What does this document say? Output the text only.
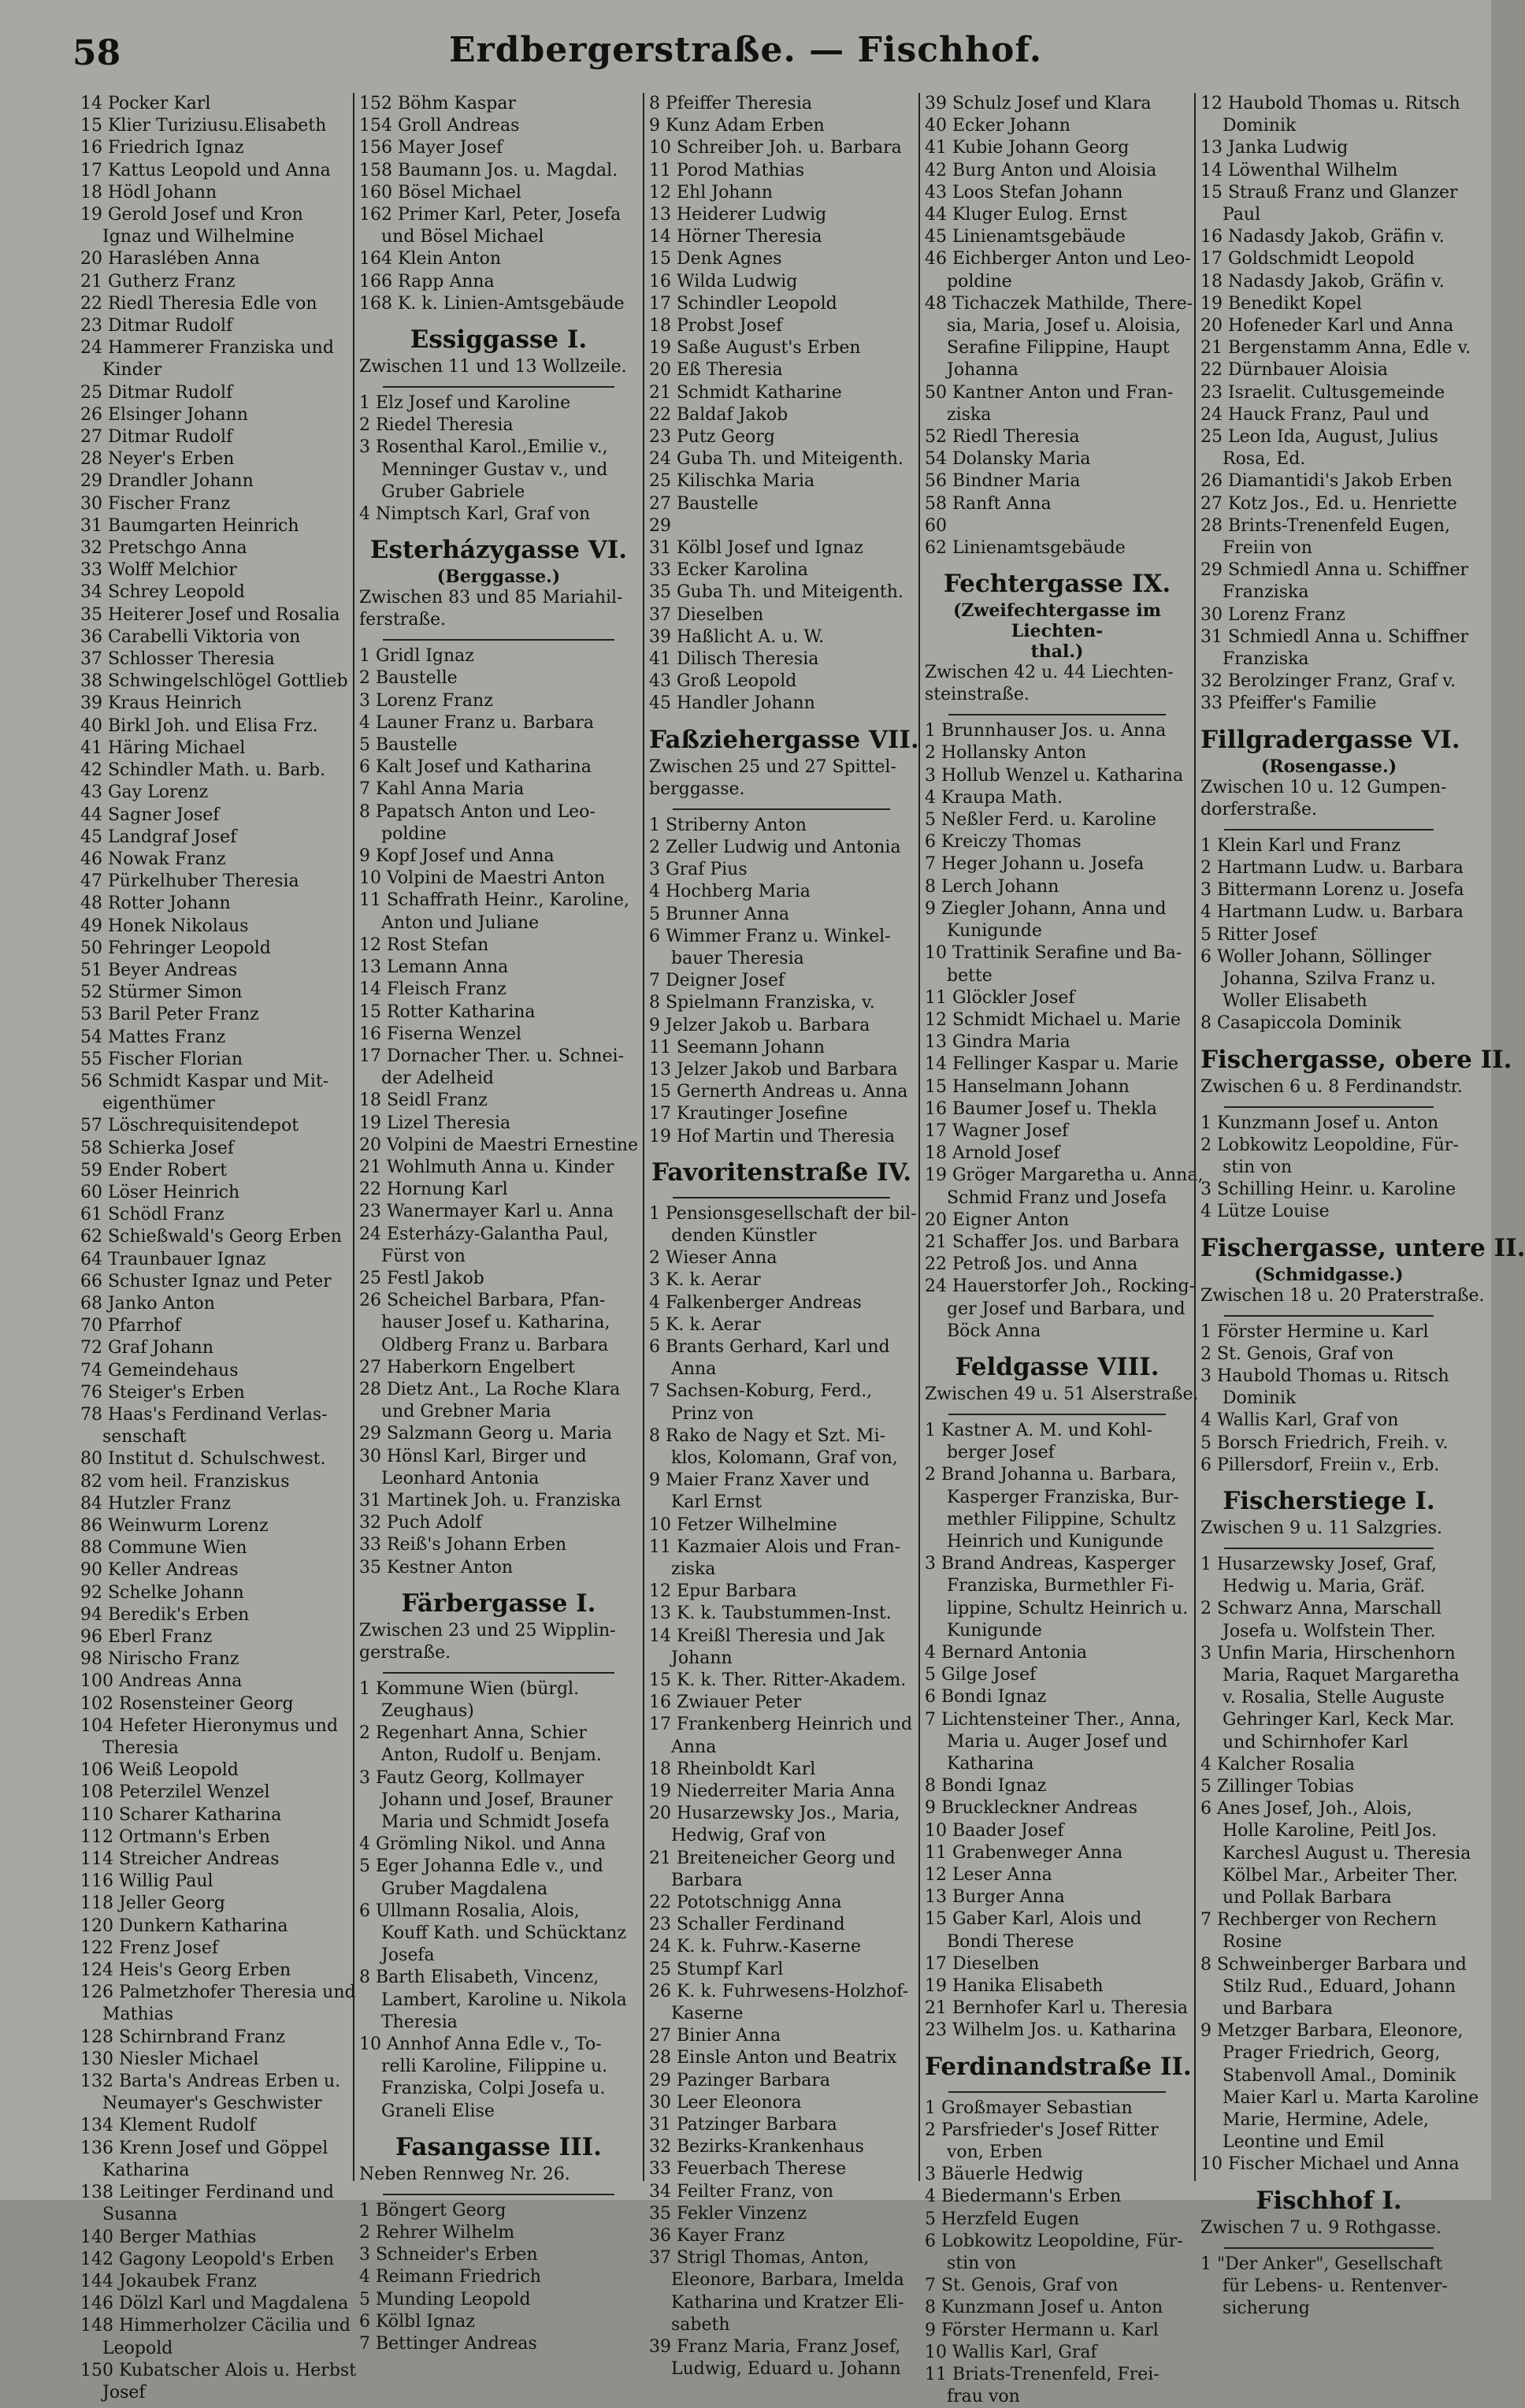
58	Erdbergerstraße. — Fischhof.
14 Pocker Karl
15 Klier Turiziusu.Elisabeth
16 Friedrich Ignaz
17 Kattus Leopold und Anna
18 Hödl Johann
19 Gerold Josef und Kron
Ignaz und Wilhelmine
20 Haraslében Anna
21 Gutherz Franz
22 Riedl Theresia Edle von
23 Ditmar Rudolf
24 Hammerer Franziska und
Kinder
25 Ditmar Rudolf
26 Elsinger Johann
27 Ditmar Rudolf
28 Neyer's Erben
29 Drandler Johann
30 Fischer Franz
31 Baumgarten Heinrich
32 Pretschgo Anna
33 Wolff Melchior
34 Schrey Leopold
35 Heiterer Josef und Rosalia
36 Carabelli Viktoria von
37 Schlosser Theresia
38 Schwingelschlögel Gottlieb
39 Kraus Heinrich
40 Birkl Joh. und Elisa Frz.
41 Häring Michael
42 Schindler Math. u. Barb.
43 Gay Lorenz
44 Sagner Josef
45 Landgraf Josef
46 Nowak Franz
47 Pürkelhuber Theresia
48 Rotter Johann
49 Honek Nikolaus
50 Fehringer Leopold
51 Beyer Andreas
52 Stürmer Simon
53 Baril Peter Franz
54 Mattes Franz
55 Fischer Florian
56 Schmidt Kaspar und Mit-
eigenthümer
57 Löschrequisitendepot
58 Schierka Josef
59 Ender Robert
60 Löser Heinrich
61 Schödl Franz
62 Schießwald's Georg Erben
64 Traunbauer Ignaz
66 Schuster Ignaz und Peter
68 Janko Anton
70 Pfarrhof
72 Graf Johann
74 Gemeindehaus
76 Steiger's Erben
78 Haas's Ferdinand Verlas-
senschaft
80 Institut d. Schulschwest.
82 vom heil. Franziskus
84 Hutzler Franz
86 Weinwurm Lorenz
88 Commune Wien
90 Keller Andreas
92 Schelke Johann
94 Beredik's Erben
96 Eberl Franz
98 Nirischo Franz
100 Andreas Anna
102 Rosensteiner Georg
104 Hefeter Hieronymus und
Theresia
106 Weiß Leopold
108 Peterzilel Wenzel
110 Scharer Katharina
112 Ortmann's Erben
114 Streicher Andreas
116 Willig Paul
118 Jeller Georg
120 Dunkern Katharina
122 Frenz Josef
124 Heis's Georg Erben
126 Palmetzhofer Theresia und
Mathias
128 Schirnbrand Franz
130 Niesler Michael
132 Barta's Andreas Erben u.
Neumayer's Geschwister
134 Klement Rudolf
136 Krenn Josef und Göppel
Katharina
138 Leitinger Ferdinand und
Susanna
140 Berger Mathias
142 Gagony Leopold's Erben
144 Jokaubek Franz
146 Dölzl Karl und Magdalena
148 Himmerholzer Cäcilia und
Leopold
150 Kubatscher Alois u. Herbst
Josef
152 Böhm Kaspar
154 Groll Andreas
156 Mayer Josef
158 Baumann Jos. u. Magdal.
160 Bösel Michael
162 Primer Karl, Peter, Josefa
und Bösel Michael
164 Klein Anton
166 Rapp Anna
168 K. k. Linien-Amtsgebäude
Essiggasse I.
Zwischen 11 und 13 Wollzeile.
1 Elz Josef und Karoline
2 Riedel Theresia
3 Rosenthal Karol.,Emilie v.,
Menninger Gustav v., und
Gruber Gabriele
4 Nimptsch Karl, Graf von
Esterházygasse VI.
(Berggasse.)
Zwischen 83 und 85 Mariahil-
ferstraße.
1 Gridl Ignaz
2 Baustelle
3 Lorenz Franz
4 Launer Franz u. Barbara
5 Baustelle
6 Kalt Josef und Katharina
7 Kahl Anna Maria
8 Papatsch Anton und Leo-
poldine
9 Kopf Josef und Anna
10 Volpini de Maestri Anton
11 Schaffrath Heinr., Karoline,
Anton und Juliane
12 Rost Stefan
13 Lemann Anna
14 Fleisch Franz
15 Rotter Katharina
16 Fiserna Wenzel
17 Dornacher Ther. u. Schnei-
der Adelheid
18 Seidl Franz
19 Lizel Theresia
20 Volpini de Maestri Ernestine
21 Wohlmuth Anna u. Kinder
22 Hornung Karl
23 Wanermayer Karl u. Anna
24 Esterházy-Galantha Paul,
Fürst von
25 Festl Jakob
26 Scheichel Barbara, Pfan-
hauser Josef u. Katharina,
Oldberg Franz u. Barbara
27 Haberkorn Engelbert
28 Dietz Ant., La Roche Klara
und Grebner Maria
29 Salzmann Georg u. Maria
30 Hönsl Karl, Birger und
Leonhard Antonia
31 Martinek Joh. u. Franziska
32 Puch Adolf
33 Reiß's Johann Erben
35 Kestner Anton
Färbergasse I.
Zwischen 23 und 25 Wipplin-
gerstraße.
1 Kommune Wien (bürgl.
Zeughaus)
2 Regenhart Anna, Schier
Anton, Rudolf u. Benjam.
3 Fautz Georg, Kollmayer
Johann und Josef, Brauner
Maria und Schmidt Josefa
4 Grömling Nikol. und Anna
5 Eger Johanna Edle v., und
Gruber Magdalena
6 Ullmann Rosalia, Alois,
Kouff Kath. und Schücktanz
Josefa
8 Barth Elisabeth, Vincenz,
Lambert, Karoline u. Nikola
Theresia
10 Annhof Anna Edle v., To-
relli Karoline, Filippine u.
Franziska, Colpi Josefa u.
Graneli Elise
Fasangasse III.
Neben Rennweg Nr. 26.
1 Böngert Georg
2 Rehrer Wilhelm
3 Schneider's Erben
4 Reimann Friedrich
5 Munding Leopold
6 Kölbl Ignaz
7 Bettinger Andreas
8 Pfeiffer Theresia
9 Kunz Adam Erben
10 Schreiber Joh. u. Barbara
11 Porod Mathias
12 Ehl Johann
13 Heiderer Ludwig
14 Hörner Theresia
15 Denk Agnes
16 Wilda Ludwig
17 Schindler Leopold
18 Probst Josef
19 Saße August's Erben
20 Eß Theresia
21 Schmidt Katharine
22 Baldaf Jakob
23 Putz Georg
24 Guba Th. und Miteigenth.
25 Kilischka Maria
27 Baustelle
29
31 Kölbl Josef und Ignaz
33 Ecker Karolina
35 Guba Th. und Miteigenth.
37 Dieselben
39 Haßlicht A. u. W.
41 Dilisch Theresia
43 Groß Leopold
45 Handler Johann
Faßziehergasse VII.
Zwischen 25 und 27 Spittel-
berggasse.
1 Striberny Anton
2 Zeller Ludwig und Antonia
3 Graf Pius
4 Hochberg Maria
5 Brunner Anna
6 Wimmer Franz u. Winkel-
bauer Theresia
7 Deigner Josef
8 Spielmann Franziska, v.
9 Jelzer Jakob u. Barbara
11 Seemann Johann
13 Jelzer Jakob und Barbara
15 Gernerth Andreas u. Anna
17 Krautinger Josefine
19 Hof Martin und Theresia
Favoritenstraße IV.
1 Pensionsgesellschaft der bil-
denden Künstler
2 Wieser Anna
3 K. k. Aerar
4 Falkenberger Andreas
5 K. k. Aerar
6 Brants Gerhard, Karl und
Anna
7 Sachsen-Koburg, Ferd.,
Prinz von
8 Rako de Nagy et Szt. Mi-
klos, Kolomann, Graf von,
9 Maier Franz Xaver und
Karl Ernst
10 Fetzer Wilhelmine
11 Kazmaier Alois und Fran-
ziska
12 Epur Barbara
13 K. k. Taubstummen-Inst.
14 Kreißl Theresia und Jak
Johann
15 K. k. Ther. Ritter-Akadem.
16 Zwiauer Peter
17 Frankenberg Heinrich und
Anna
18 Rheinboldt Karl
19 Niederreiter Maria Anna
20 Husarzewsky Jos., Maria,
Hedwig, Graf von
21 Breiteneicher Georg und
Barbara
22 Pototschnigg Anna
23 Schaller Ferdinand
24 K. k. Fuhrw.-Kaserne
25 Stumpf Karl
26 K. k. Fuhrwesens-Holzhof-
Kaserne
27 Binier Anna
28 Einsle Anton und Beatrix
29 Pazinger Barbara
30 Leer Eleonora
31 Patzinger Barbara
32 Bezirks-Krankenhaus
33 Feuerbach Therese
34 Feilter Franz, von
35 Fekler Vinzenz
36 Kayer Franz
37 Strigl Thomas, Anton,
Eleonore, Barbara, Imelda
Katharina und Kratzer Eli-
sabeth
39 Franz Maria, Franz Josef,
Ludwig, Eduard u. Johann
39 Schulz Josef und Klara
40 Ecker Johann
41 Kubie Johann Georg
42 Burg Anton und Aloisia
43 Loos Stefan Johann
44 Kluger Eulog. Ernst
45 Linienamtsgebäude
46 Eichberger Anton und Leo-
poldine
48 Tichaczek Mathilde, There-
sia, Maria, Josef u. Aloisia,
Serafine Filippine, Haupt
Johanna
50 Kantner Anton und Fran-
ziska
52 Riedl Theresia
54 Dolansky Maria
56 Bindner Maria
58 Ranft Anna
60
62 Linienamtsgebäude
Fechtergasse IX.
(Zweifechtergasse im Liechten-
thal.)
Zwischen 42 u. 44 Liechten-
steinstraße.
1 Brunnhauser Jos. u. Anna
2 Hollansky Anton
3 Hollub Wenzel u. Katharina
4 Kraupa Math.
5 Neßler Ferd. u. Karoline
6 Kreiczy Thomas
7 Heger Johann u. Josefa
8 Lerch Johann
9 Ziegler Johann, Anna und
Kunigunde
10 Trattinik Serafine und Ba-
bette
11 Glöckler Josef
12 Schmidt Michael u. Marie
13 Gindra Maria
14 Fellinger Kaspar u. Marie
15 Hanselmann Johann
16 Baumer Josef u. Thekla
17 Wagner Josef
18 Arnold Josef
19 Gröger Margaretha u. Anna,
Schmid Franz und Josefa
20 Eigner Anton
21 Schaffer Jos. und Barbara
22 Petroß Jos. und Anna
24 Hauerstorfer Joh., Rocking-
ger Josef und Barbara, und
Böck Anna
Feldgasse VIII.
Zwischen 49 u. 51 Alserstraße.
1 Kastner A. M. und Kohl-
berger Josef
2 Brand Johanna u. Barbara,
Kasperger Franziska, Bur-
methler Filippine, Schultz
Heinrich und Kunigunde
3 Brand Andreas, Kasperger
Franziska, Burmethler Fi-
lippine, Schultz Heinrich u.
Kunigunde
4 Bernard Antonia
5 Gilge Josef
6 Bondi Ignaz
7 Lichtensteiner Ther., Anna,
Maria u. Auger Josef und
Katharina
8 Bondi Ignaz
9 Bruckleckner Andreas
10 Baader Josef
11 Grabenweger Anna
12 Leser Anna
13 Burger Anna
15 Gaber Karl, Alois und
Bondi Therese
17 Dieselben
19 Hanika Elisabeth
21 Bernhofer Karl u. Theresia
23 Wilhelm Jos. u. Katharina
Ferdinandstraße II.
1 Großmayer Sebastian
2 Parsfrieder's Josef Ritter
von, Erben
3 Bäuerle Hedwig
4 Biedermann's Erben
5 Herzfeld Eugen
6 Lobkowitz Leopoldine, Für-
stin von
7 St. Genois, Graf von
8 Kunzmann Josef u. Anton
9 Förster Hermann u. Karl
10 Wallis Karl, Graf
11 Briats-Trenenfeld, Frei-
frau von
12 Haubold Thomas u. Ritsch
Dominik
13 Janka Ludwig
14 Löwenthal Wilhelm
15 Strauß Franz und Glanzer
Paul
16 Nadasdy Jakob, Gräfin v.
17 Goldschmidt Leopold
18 Nadasdy Jakob, Gräfin v.
19 Benedikt Kopel
20 Hofeneder Karl und Anna
21 Bergenstamm Anna, Edle v.
22 Dürnbauer Aloisia
23 Israelit. Cultusgemeinde
24 Hauck Franz, Paul und
25 Leon Ida, August, Julius
Rosa, Ed.
26 Diamantidi's Jakob Erben
27 Kotz Jos., Ed. u. Henriette
28 Brints-Trenenfeld Eugen,
Freiin von
29 Schmiedl Anna u. Schiffner
Franziska
30 Lorenz Franz
31 Schmiedl Anna u. Schiffner
Franziska
32 Berolzinger Franz, Graf v.
33 Pfeiffer's Familie
Fillgradergasse VI.
(Rosengasse.)
Zwischen 10 u. 12 Gumpen-
dorferstraße.
1 Klein Karl und Franz
2 Hartmann Ludw. u. Barbara
3 Bittermann Lorenz u. Josefa
4 Hartmann Ludw. u. Barbara
5 Ritter Josef
6 Woller Johann, Söllinger
Johanna, Szilva Franz u.
Woller Elisabeth
8 Casapiccola Dominik
Fischergasse, obere II.
Zwischen 6 u. 8 Ferdinandstr.
1 Kunzmann Josef u. Anton
2 Lobkowitz Leopoldine, Für-
stin von
3 Schilling Heinr. u. Karoline
4 Lütze Louise
Fischergasse, untere II.
(Schmidgasse.)
Zwischen 18 u. 20 Praterstraße.
1 Förster Hermine u. Karl
2 St. Genois, Graf von
3 Haubold Thomas u. Ritsch
Dominik
4 Wallis Karl, Graf von
5 Borsch Friedrich, Freih. v.
6 Pillersdorf, Freiin v., Erb.
Fischerstiege I.
Zwischen 9 u. 11 Salzgries.
1 Husarzewsky Josef, Graf,
Hedwig u. Maria, Gräf.
2 Schwarz Anna, Marschall
Josefa u. Wolfstein Ther.
3 Unfin Maria, Hirschenhorn
Maria, Raquet Margaretha
v. Rosalia, Stelle Auguste
Gehringer Karl, Keck Mar.
und Schirnhofer Karl
4 Kalcher Rosalia
5 Zillinger Tobias
6 Anes Josef, Joh., Alois,
Holle Karoline, Peitl Jos.
Karchesl August u. Theresia
Kölbel Mar., Arbeiter Ther.
und Pollak Barbara
7 Rechberger von Rechern
Rosine
8 Schweinberger Barbara und
Stilz Rud., Eduard, Johann
und Barbara
9 Metzger Barbara, Eleonore,
Prager Friedrich, Georg,
Stabenvoll Amal., Dominik
Maier Karl u. Marta Karoline
Marie, Hermine, Adele,
Leontine und Emil
10 Fischer Michael und Anna
Fischhof I.
Zwischen 7 u. 9 Rothgasse.
1 "Der Anker", Gesellschaft
für Lebens- u. Rentenver-
sicherung
